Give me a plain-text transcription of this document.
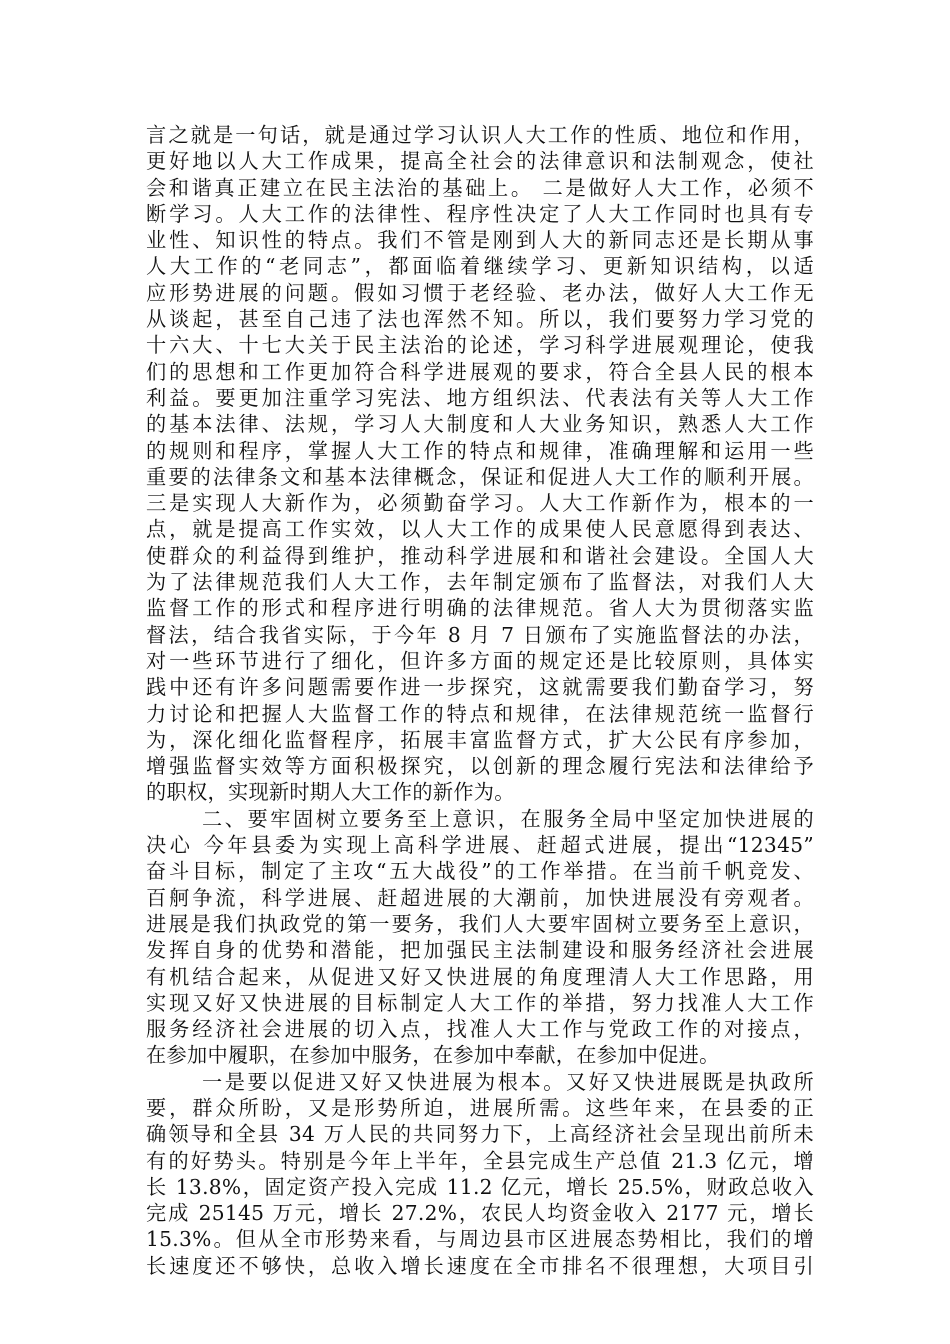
言之就是一句话，就是通过学习认识人大工作的性质、地位和作用，
更好地以人大工作成果，提高全社会的法律意识和法制观念，使社
会和谐真正建立在民主法治的基础上。 二是做好人大工作，必须不
断学习。人大工作的法律性、程序性决定了人大工作同时也具有专
业性、知识性的特点。我们不管是刚到人大的新同志还是长期从事
人大工作的“老同志”，都面临着继续学习、更新知识结构，以适
应形势进展的问题。假如习惯于老经验、老办法，做好人大工作无
从谈起，甚至自己违了法也浑然不知。所以，我们要努力学习党的
十六大、十七大关于民主法治的论述，学习科学进展观理论，使我
们的思想和工作更加符合科学进展观的要求，符合全县人民的根本
利益。要更加注重学习宪法、地方组织法、代表法有关等人大工作
的基本法律、法规，学习人大制度和人大业务知识，熟悉人大工作
的规则和程序，掌握人大工作的特点和规律，准确理解和运用一些
重要的法律条文和基本法律概念，保证和促进人大工作的顺利开展。
三是实现人大新作为，必须勤奋学习。人大工作新作为，根本的一
点，就是提高工作实效，以人大工作的成果使人民意愿得到表达、
使群众的利益得到维护，推动科学进展和和谐社会建设。全国人大
为了法律规范我们人大工作，去年制定颁布了监督法，对我们人大
监督工作的形式和程序进行明确的法律规范。省人大为贯彻落实监
督法，结合我省实际，于今年 8 月 7 日颁布了实施监督法的办法，
对一些环节进行了细化，但许多方面的规定还是比较原则，具体实
践中还有许多问题需要作进一步探究，这就需要我们勤奋学习，努
力讨论和把握人大监督工作的特点和规律，在法律规范统一监督行
为，深化细化监督程序，拓展丰富监督方式，扩大公民有序参加，
增强监督实效等方面积极探究，以创新的理念履行宪法和法律给予
的职权，实现新时期人大工作的新作为。
二、要牢固树立要务至上意识，在服务全局中坚定加快进展的
决心 今年县委为实现上高科学进展、赶超式进展，提出“12345”
奋斗目标，制定了主攻“五大战役”的工作举措。在当前千帆竞发、
百舸争流，科学进展、赶超进展的大潮前，加快进展没有旁观者。
进展是我们执政党的第一要务，我们人大要牢固树立要务至上意识，
发挥自身的优势和潜能，把加强民主法制建设和服务经济社会进展
有机结合起来，从促进又好又快进展的角度理清人大工作思路，用
实现又好又快进展的目标制定人大工作的举措，努力找准人大工作
服务经济社会进展的切入点，找准人大工作与党政工作的对接点，
在参加中履职，在参加中服务，在参加中奉献，在参加中促进。
一是要以促进又好又快进展为根本。又好又快进展既是执政所
要，群众所盼，又是形势所迫，进展所需。这些年来，在县委的正
确领导和全县 34 万人民的共同努力下，上高经济社会呈现出前所未
有的好势头。特别是今年上半年，全县完成生产总值 21.3 亿元，增
长 13.8%，固定资产投入完成 11.2 亿元，增长 25.5%，财政总收入
完成 25145 万元，增长 27.2%，农民人均资金收入 2177 元，增长
15.3%。但从全市形势来看，与周边县市区进展态势相比，我们的增
长速度还不够快，总收入增长速度在全市排名不很理想，大项目引
